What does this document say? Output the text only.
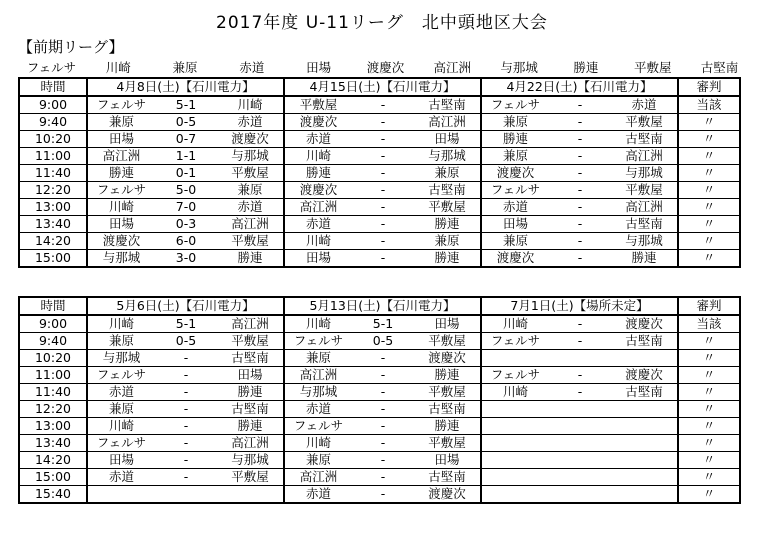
2017年度 U-11リーグ　北中頭地区大会
【前期リーグ】
フェルサ	川崎	兼原	赤道	田場	渡慶次	高江洲	与那城	勝連	平敷屋	古堅南
時間	4月8日(土)【石川電力】			4月15日(土)【石川電力】			4月22日(土)【石川電力】			審判
9:00	フェルサ	5-1	川崎	平敷屋	-	古堅南	フェルサ	-	赤道	当該
9:40	兼原	0-5	赤道	渡慶次	-	高江洲	兼原	-	平敷屋	〃
10:20	田場	0-7	渡慶次	赤道	-	田場	勝連	-	古堅南	〃
11:00	高江洲	1-1	与那城	川崎	-	与那城	兼原	-	高江洲	〃
11:40	勝連	0-1	平敷屋	勝連	-	兼原	渡慶次	-	与那城	〃
12:20	フェルサ	5-0	兼原	渡慶次	-	古堅南	フェルサ	-	平敷屋	〃
13:00	川崎	7-0	赤道	高江洲	-	平敷屋	赤道	-	高江洲	〃
13:40	田場	0-3	高江洲	赤道	-	勝連	田場	-	古堅南	〃
14:20	渡慶次	6-0	平敷屋	川崎	-	兼原	兼原	-	与那城	〃
15:00	与那城	3-0	勝連	田場	-	勝連	渡慶次	-	勝連	〃
時間	5月6日(土)【石川電力】			5月13日(土)【石川電力】			7月1日(土)【場所未定】			審判
9:00	川崎	5-1	高江洲	川崎	5-1	田場	川崎	-	渡慶次	当該
9:40	兼原	0-5	平敷屋	フェルサ	0-5	平敷屋	フェルサ	-	古堅南	〃
10:20	与那城	-	古堅南	兼原	-	渡慶次				〃
11:00	フェルサ	-	田場	高江洲	-	勝連	フェルサ	-	渡慶次	〃
11:40	赤道	-	勝連	与那城	-	平敷屋	川崎	-	古堅南	〃
12:20	兼原	-	古堅南	赤道	-	古堅南				〃
13:00	川崎	-	勝連	フェルサ	-	勝連				〃
13:40	フェルサ	-	高江洲	川崎	-	平敷屋				〃
14:20	田場	-	与那城	兼原	-	田場				〃
15:00	赤道	-	平敷屋	高江洲	-	古堅南				〃
15:40				赤道	-	渡慶次				〃
